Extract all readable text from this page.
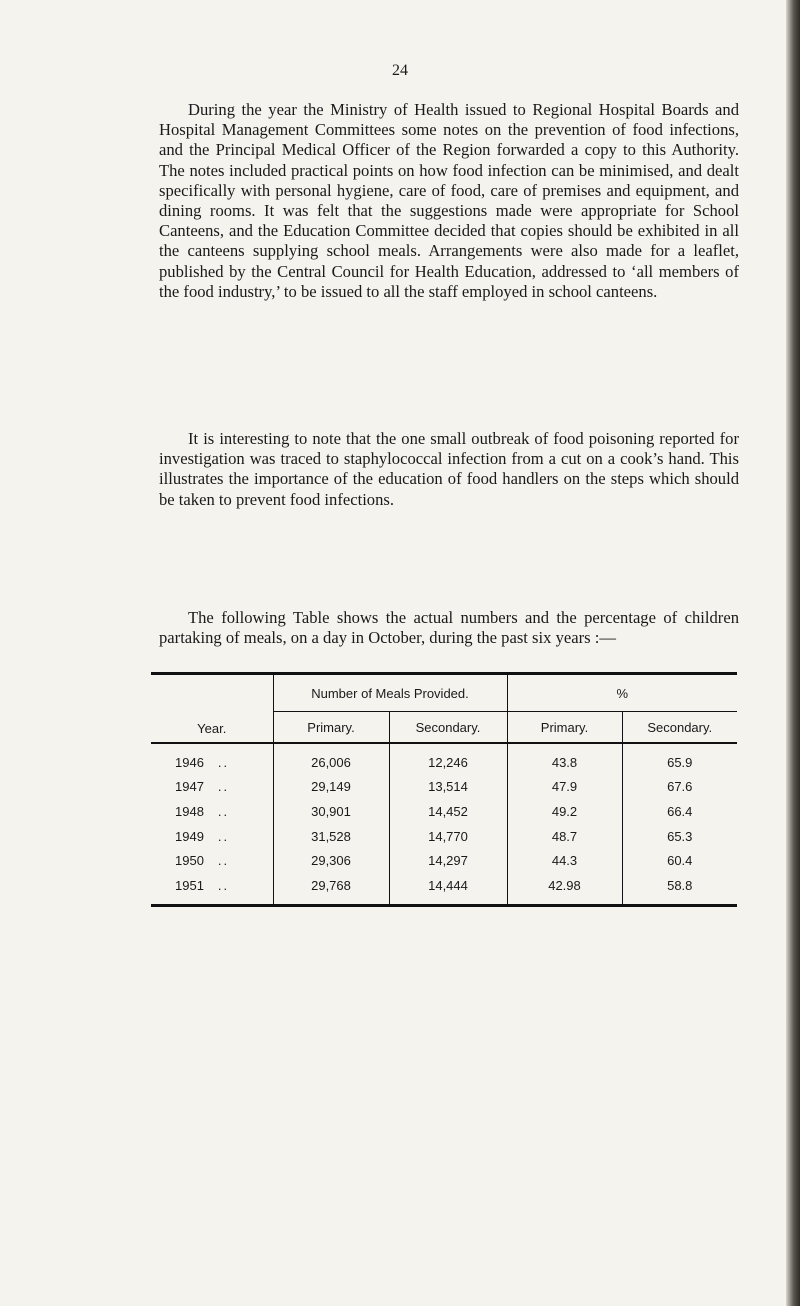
24

During the year the Ministry of Health issued to Regional Hospital Boards and Hospital Management Committees some notes on the prevention of food infections, and the Principal Medical Officer of the Region forwarded a copy to this Authority. The notes included practical points on how food infection can be minimised, and dealt specifically with personal hygiene, care of food, care of premises and equipment, and dining rooms. It was felt that the suggestions made were appropriate for School Canteens, and the Education Committee decided that copies should be exhibited in all the canteens supplying school meals. Arrangements were also made for a leaflet, published by the Central Council for Health Education, addressed to ‘all members of the food industry,’ to be issued to all the staff employed in school canteens.

It is interesting to note that the one small outbreak of food poisoning reported for investigation was traced to staphylococcal infection from a cut on a cook’s hand. This illustrates the importance of the education of food handlers on the steps which should be taken to prevent food infections.

The following Table shows the actual numbers and the percentage of children partaking of meals, on a day in October, during the past six years :—

Year.	Number of Meals Provided.		%	
	Primary.	Secondary.	Primary.	Secondary.
1946 ..	26,006	12,246	43.8	65.9
1947 ..	29,149	13,514	47.9	67.6
1948 ..	30,901	14,452	49.2	66.4
1949 ..	31,528	14,770	48.7	65.3
1950 ..	29,306	14,297	44.3	60.4
1951 ..	29,768	14,444	42.98	58.8
